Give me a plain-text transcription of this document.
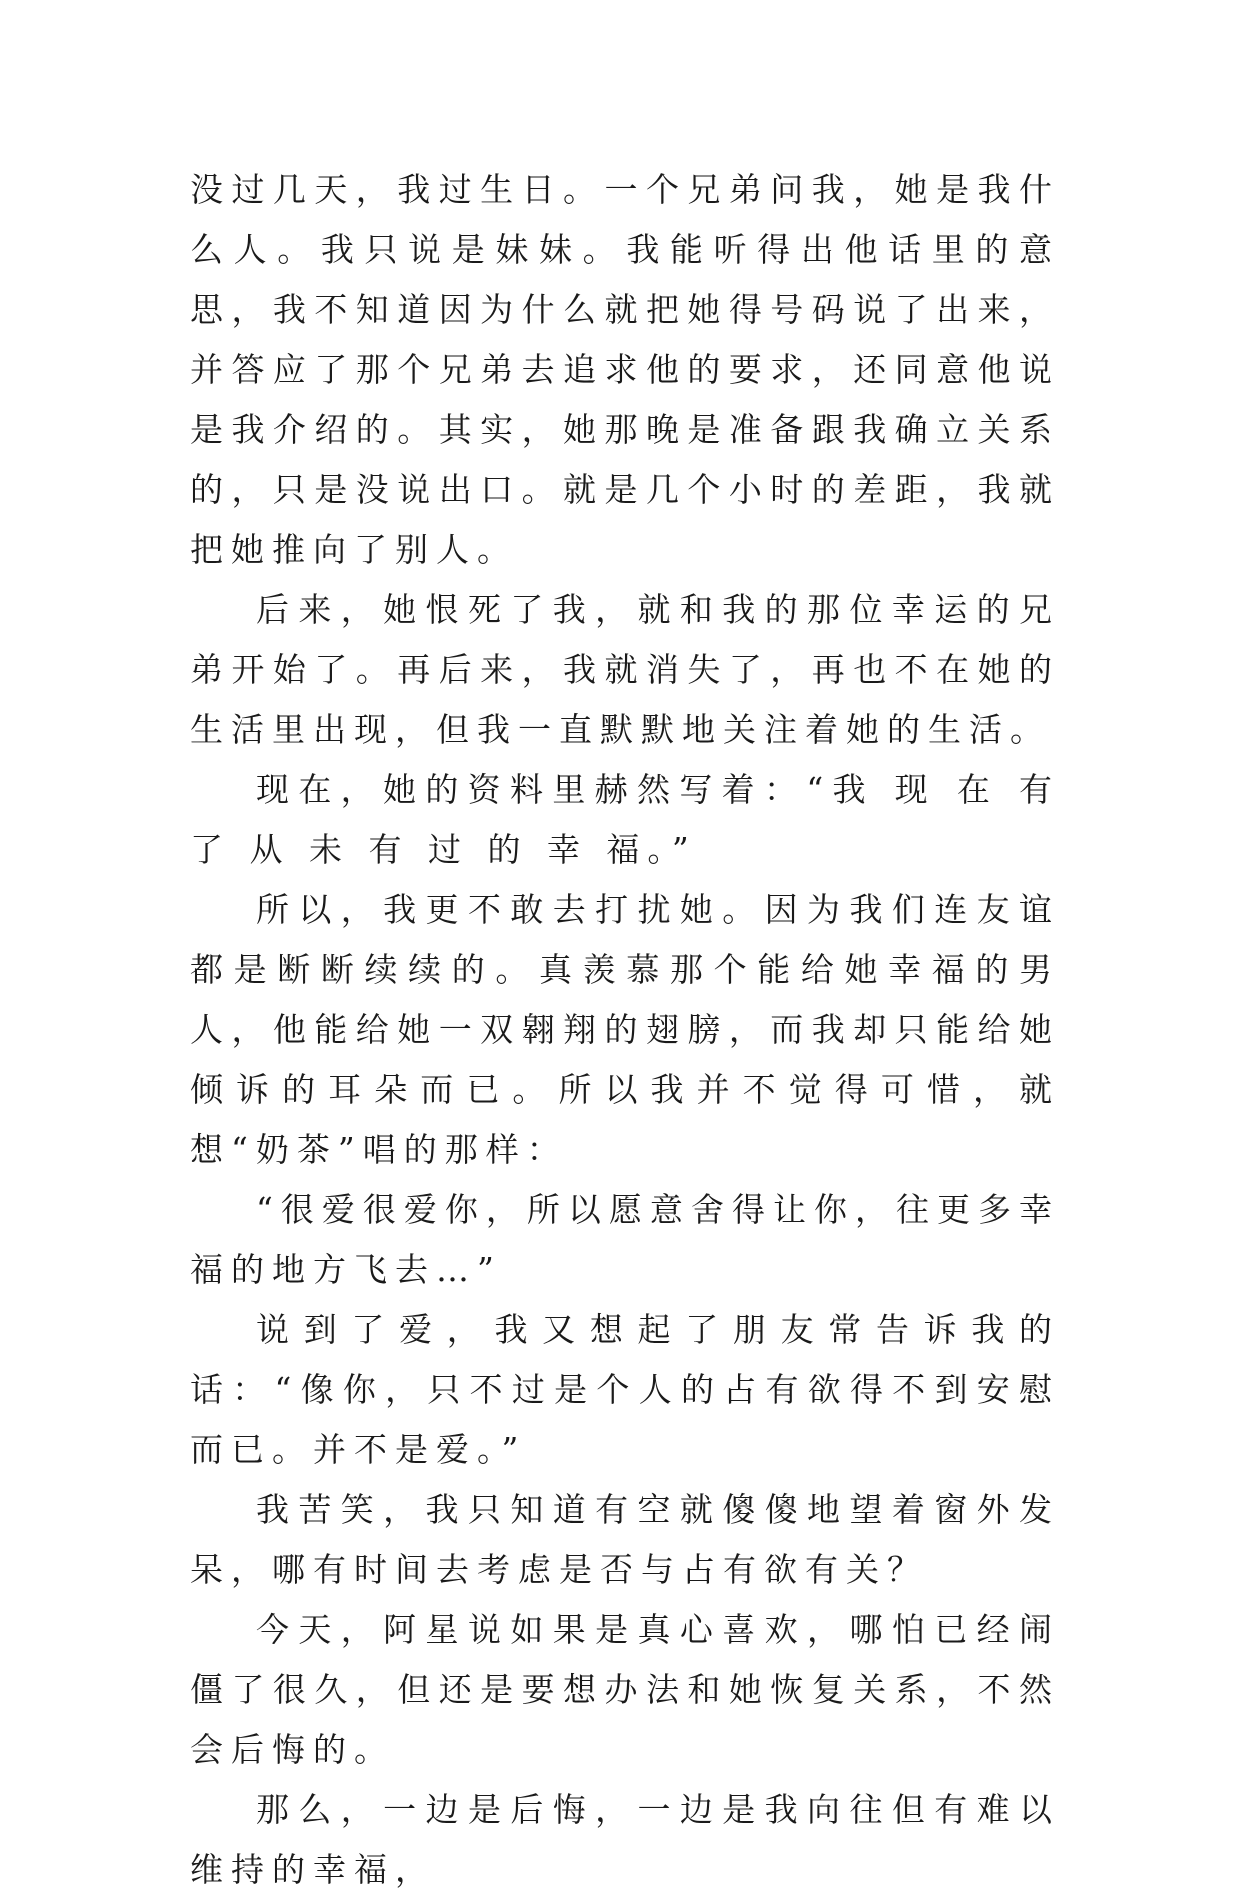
没过几天，我过生日。一个兄弟问我，她是我什么人。我只说是妹妹。我能听得出他话里的意思，我不知道因为什么就把她得号码说了出来，并答应了那个兄弟去追求他的要求，还同意他说是我介绍的。其实，她那晚是准备跟我确立关系的，只是没说出口。就是几个小时的差距，我就把她推向了别人。

后来，她恨死了我，就和我的那位幸运的兄弟开始了。再后来，我就消失了，再也不在她的生活里出现，但我一直默默地关注着她的生活。

现在，她的资料里赫然写着：“我 现 在 有 了 从 未 有 过 的 幸 福。”

所以，我更不敢去打扰她。因为我们连友谊都是断断续续的。真羡慕那个能给她幸福的男人，他能给她一双翱翔的翅膀，而我却只能给她倾诉的耳朵而已。所以我并不觉得可惜，就想“奶茶”唱的那样：

“很爱很爱你，所以愿意舍得让你，往更多幸福的地方飞去…”

说到了爱，我又想起了朋友常告诉我的话：“像你，只不过是个人的占有欲得不到安慰而已。并不是爱。”

我苦笑，我只知道有空就傻傻地望着窗外发呆，哪有时间去考虑是否与占有欲有关？

今天，阿星说如果是真心喜欢，哪怕已经闹僵了很久，但还是要想办法和她恢复关系，不然会后悔的。

那么，一边是后悔，一边是我向往但有难以维持的幸福，
